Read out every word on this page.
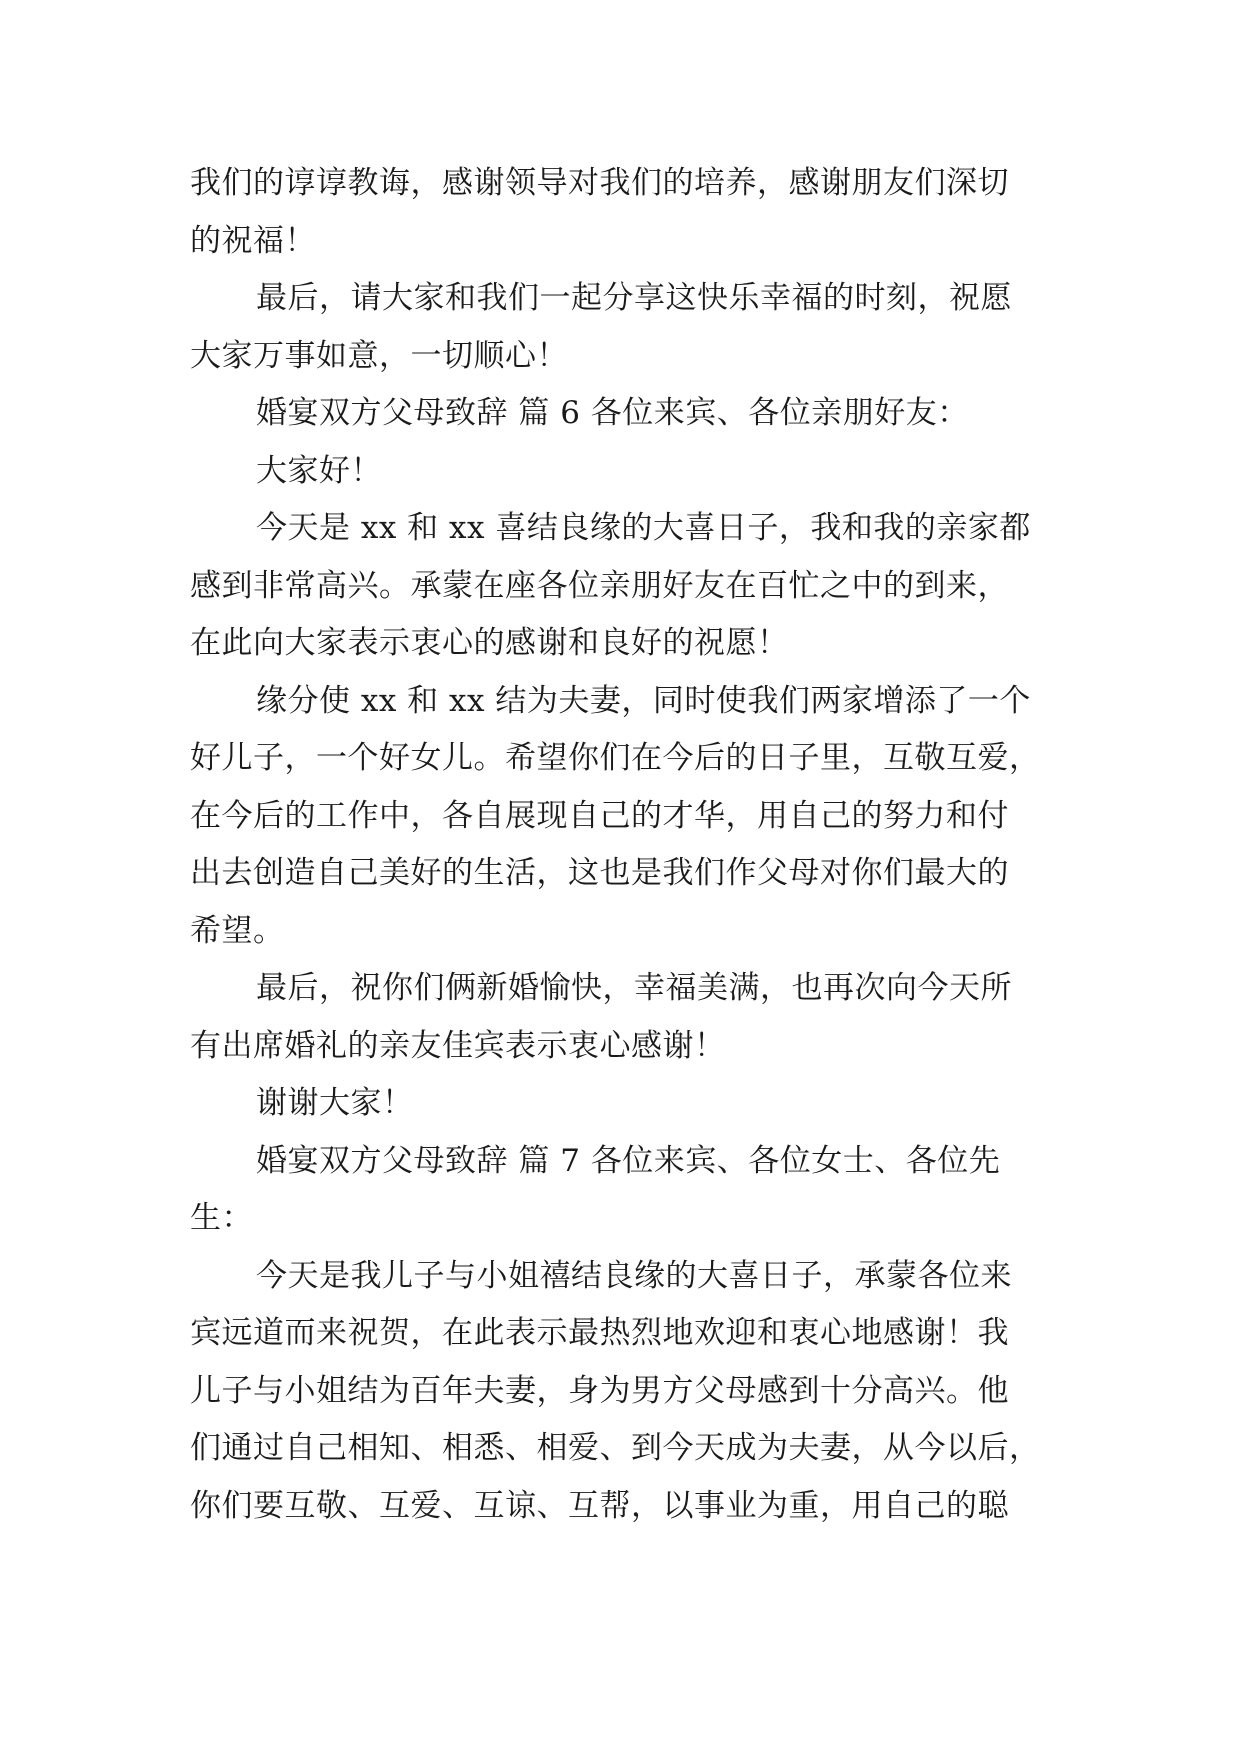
我们的谆谆教诲，感谢领导对我们的培养，感谢朋友们深切
的祝福！
最后，请大家和我们一起分享这快乐幸福的时刻，祝愿
大家万事如意，一切顺心！
婚宴双方父母致辞 篇 6 各位来宾、各位亲朋好友：
大家好！
今天是 xx 和 xx 喜结良缘的大喜日子，我和我的亲家都
感到非常高兴。承蒙在座各位亲朋好友在百忙之中的到来，
在此向大家表示衷心的感谢和良好的祝愿！
缘分使 xx 和 xx 结为夫妻，同时使我们两家增添了一个
好儿子，一个好女儿。希望你们在今后的日子里，互敬互爱，
在今后的工作中，各自展现自己的才华，用自己的努力和付
出去创造自己美好的生活，这也是我们作父母对你们最大的
希望。
最后，祝你们俩新婚愉快，幸福美满，也再次向今天所
有出席婚礼的亲友佳宾表示衷心感谢！
谢谢大家！
婚宴双方父母致辞 篇 7 各位来宾、各位女士、各位先
生：
今天是我儿子与小姐禧结良缘的大喜日子，承蒙各位来
宾远道而来祝贺，在此表示最热烈地欢迎和衷心地感谢！我
儿子与小姐结为百年夫妻，身为男方父母感到十分高兴。他
们通过自己相知、相悉、相爱、到今天成为夫妻，从今以后，
你们要互敬、互爱、互谅、互帮，以事业为重，用自己的聪
